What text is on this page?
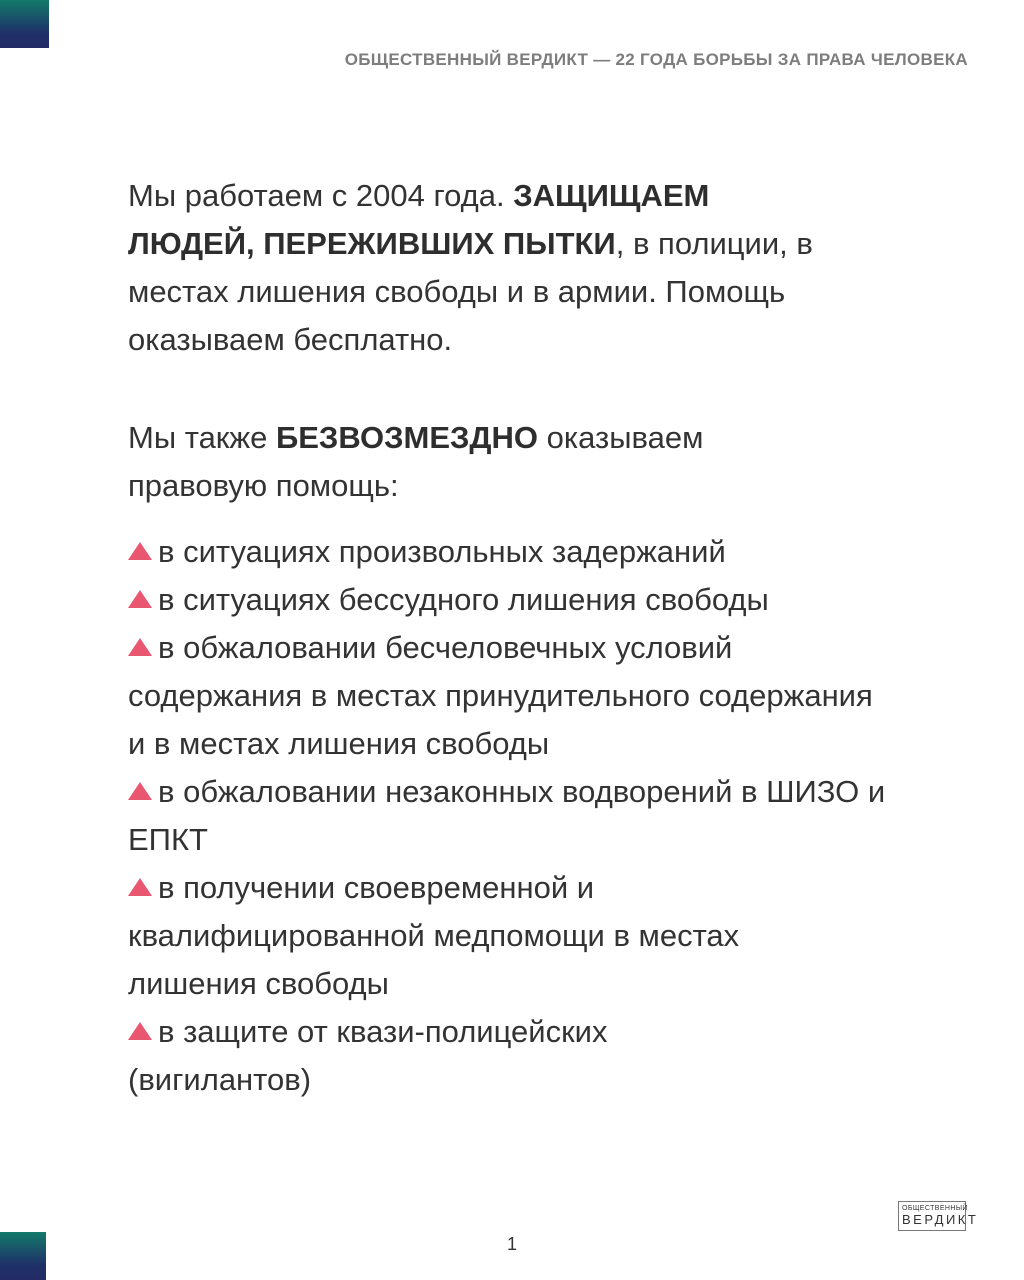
ОБЩЕСТВЕННЫЙ ВЕРДИКТ — 22 ГОДА БОРЬБЫ ЗА ПРАВА ЧЕЛОВЕКА

Мы работаем с 2004 года. ЗАЩИЩАЕМ ЛЮДЕЙ, ПЕРЕЖИВШИХ ПЫТКИ, в полиции, в местах лишения свободы и в армии. Помощь оказываем бесплатно.

Мы также БЕЗВОЗМЕЗДНО оказываем правовую помощь:

в ситуациях произвольных задержаний

в ситуациях бессудного лишения свободы

в обжаловании бесчеловечных условий содержания в местах принудительного содержания и в местах лишения свободы

в обжаловании незаконных водворений в ШИЗО и ЕПКТ

в получении своевременной и квалифицированной медпомощи в местах лишения свободы

в защите от квази-полицейских (вигилантов)

ОБЩЕСТВЕННЫЙ
ВЕРДИКТ
1
